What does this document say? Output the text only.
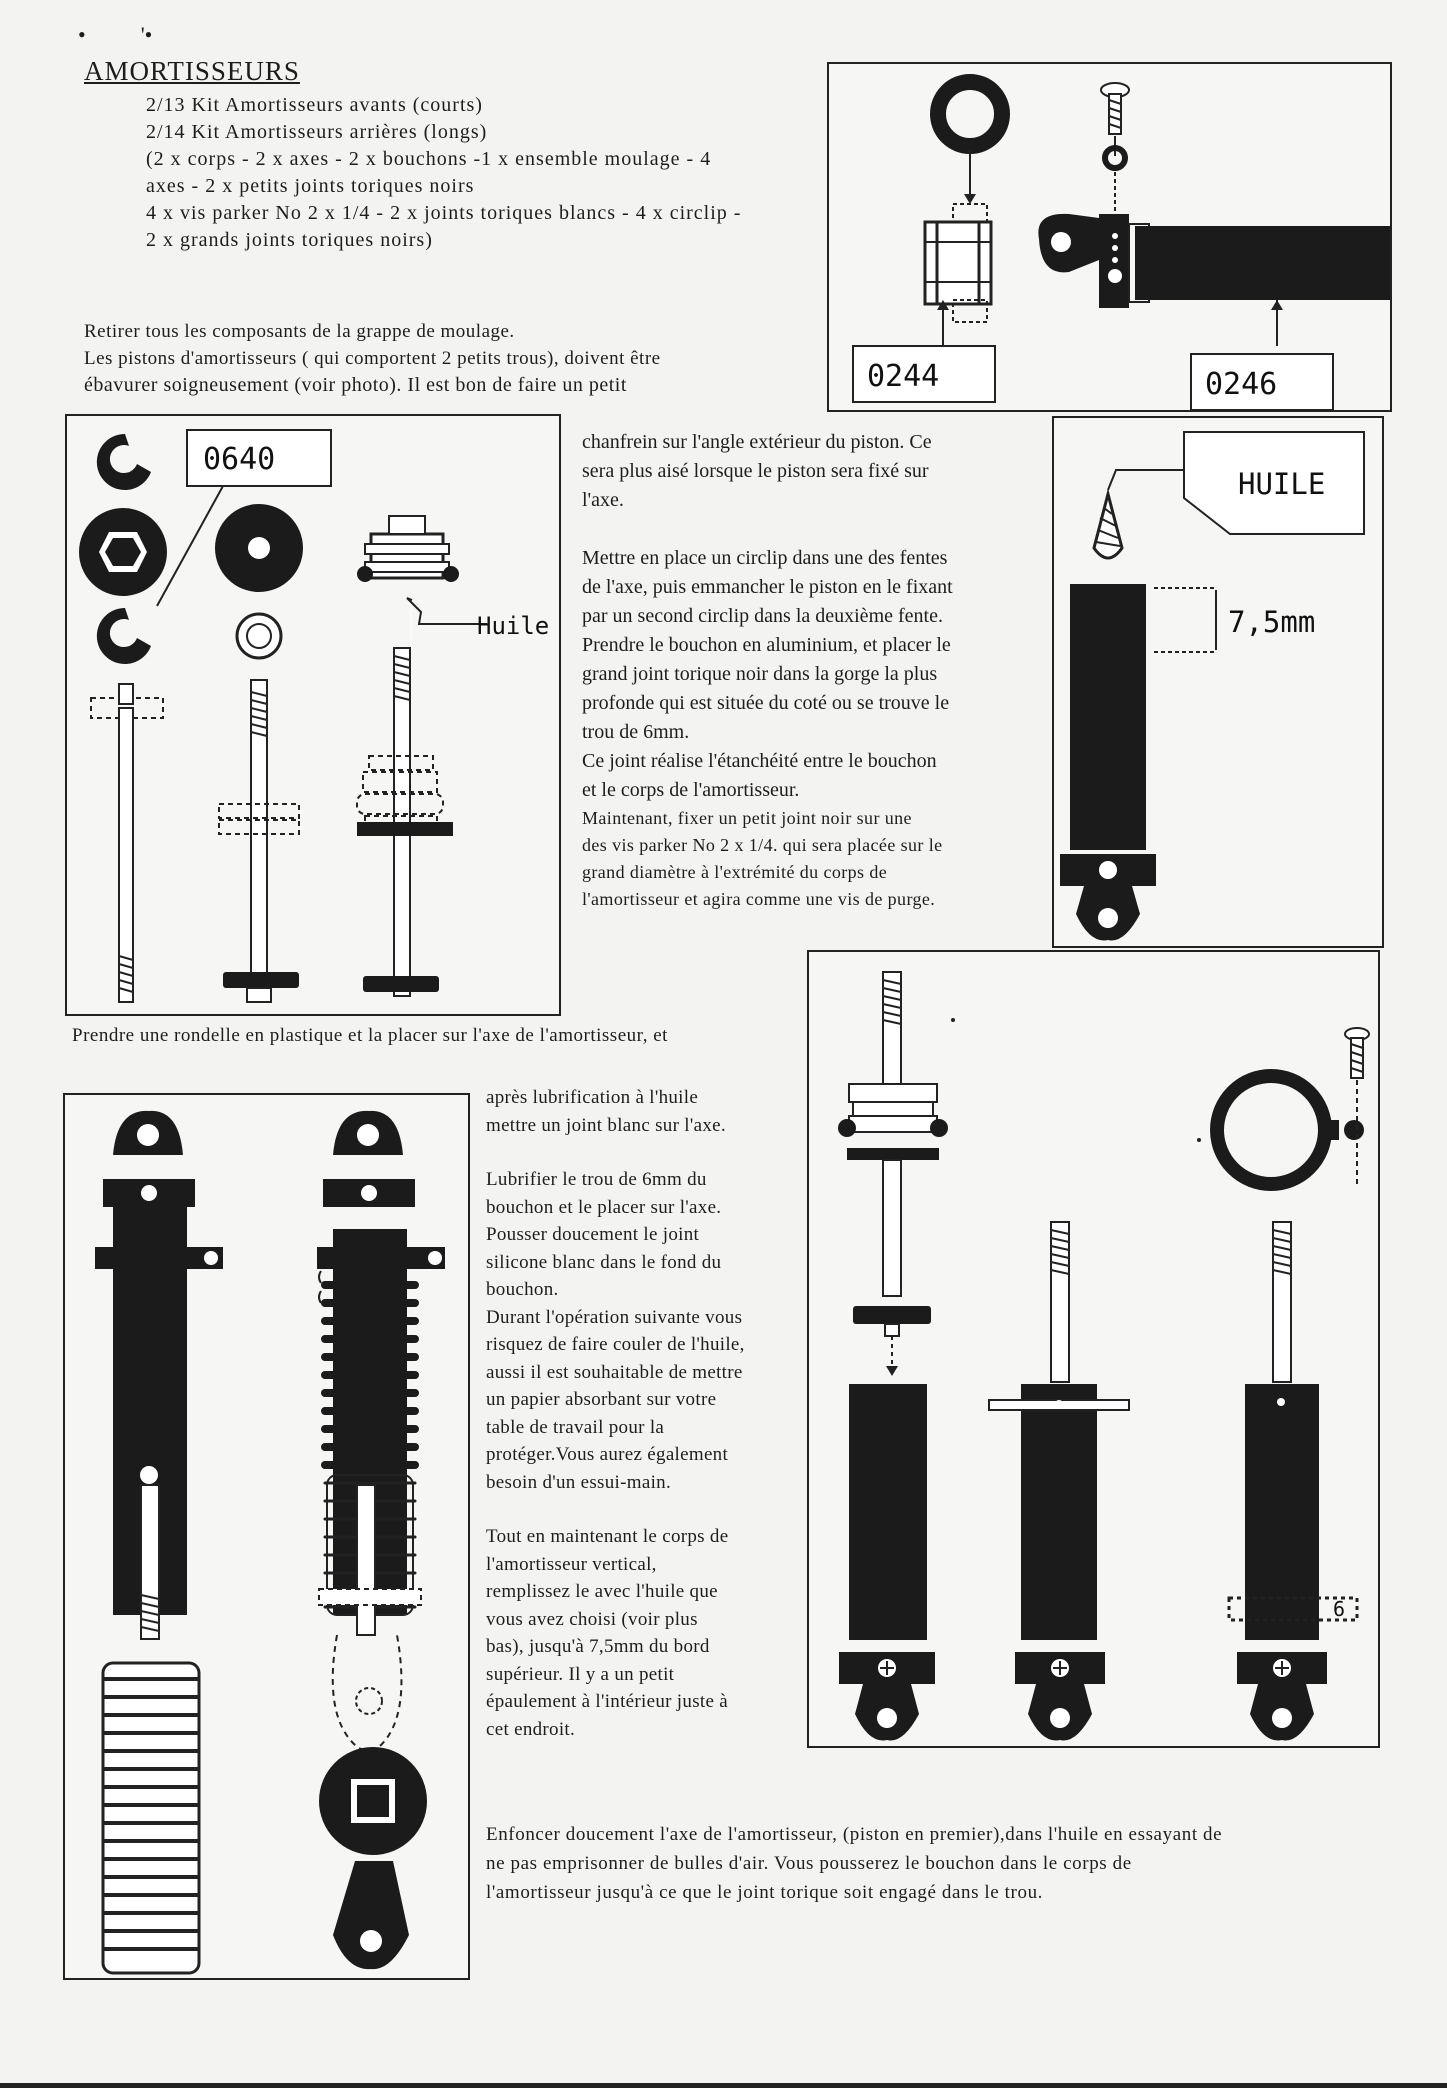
•          '•
AMORTISSEURS
2/13 Kit Amortisseurs avants (courts)
2/14 Kit Amortisseurs arrières (longs)
(2 x corps - 2 x axes - 2 x bouchons -1 x ensemble moulage - 4
axes - 2 x petits joints toriques noirs
4 x vis parker No 2 x 1/4 - 2 x joints toriques blancs - 4 x circlip -
2 x grands joints toriques noirs)
Retirer tous les composants de la grappe de moulage.
Les pistons d'amortisseurs ( qui comportent 2 petits trous), doivent être
ébavurer soigneusement (voir photo). Il est bon de faire un petit	0244	0246
0640
Huile
chanfrein sur l'angle extérieur du piston. Ce
sera plus aisé lorsque le piston sera fixé sur
l'axe.
Mettre en place un circlip dans une des fentes
de l'axe, puis emmancher le piston en le fixant
par un second circlip dans la deuxième fente.
Prendre le bouchon en aluminium, et placer le
grand joint torique noir dans la gorge la plus
profonde qui est située du coté ou se trouve le
trou de 6mm.
Ce joint réalise l'étanchéité entre le bouchon
et le corps de l'amortisseur.
Maintenant, fixer un petit joint noir sur une
des vis parker No 2 x 1/4. qui sera placée sur le
grand diamètre à l'extrémité du corps de
l'amortisseur et agira comme une vis de purge.
HUILE
7,5mm
Prendre une rondelle en plastique et la placer sur l'axe de l'amortisseur, et
après lubrification à l'huile
mettre un joint blanc sur l'axe.
Lubrifier le trou de 6mm du
bouchon et le placer sur l'axe.
Pousser doucement le joint
silicone blanc dans le fond du
bouchon.
Durant l'opération suivante vous
risquez de faire couler de l'huile,
aussi il est souhaitable de mettre
un papier absorbant sur votre
table de travail pour la
protéger.Vous aurez également
besoin d'un essui-main.
Tout en maintenant le corps de
l'amortisseur vertical,
remplissez le avec l'huile que
vous avez choisi (voir plus
bas), jusqu'à 7,5mm du bord
supérieur. Il y a un petit
épaulement à l'intérieur juste à
cet endroit.
6
Enfoncer doucement l'axe de l'amortisseur, (piston en premier),dans l'huile en essayant de
ne pas emprisonner de bulles d'air. Vous pousserez le bouchon dans le corps de
l'amortisseur jusqu'à ce que le joint torique soit engagé dans le trou.
